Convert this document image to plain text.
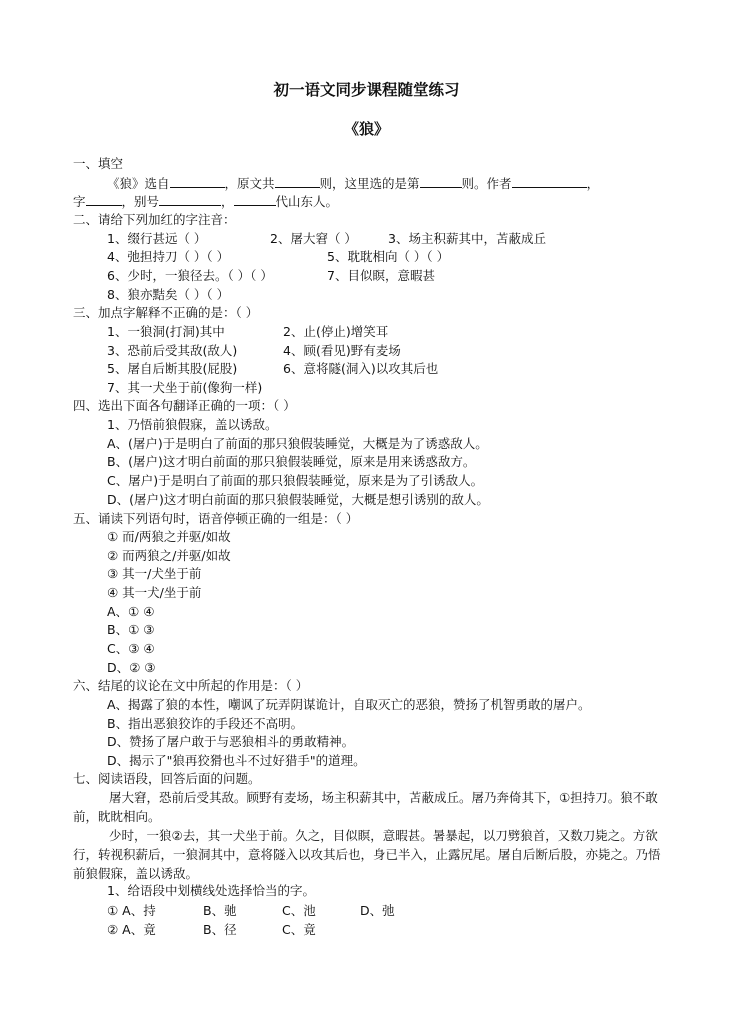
初一语文同步课程随堂练习
《狼》
一、填空
《狼》选自	，原文共	则，这里选的是第	则。作者	，
字	，别号	，	代山东人。
二、请给下列加红的字注音：
1、缀行甚远（ ）	2、屠大窘（ ） 3、场主积薪其中，苫蔽成丘
4、弛担持刀（ ）（ ）	5、耽耽相向（ ）（ ）
6、少时，一狼径去。（ ）（ ）	7、目似瞑，意暇甚
8、狼亦黠矣（ ）（ ）
三、加点字解释不正确的是：（ ）
1、一狼洞(打洞)其中	2、止(停止)增笑耳
3、恐前后受其敌(敌人)	4、顾(看见)野有麦场
5、屠自后断其股(屁股)	6、意将隧(洞入)以攻其后也
7、其一犬坐于前(像狗一样)
四、选出下面各句翻译正确的一项：（ ）
1、乃悟前狼假寐，盖以诱敌。
A、(屠户)于是明白了前面的那只狼假装睡觉，大概是为了诱惑敌人。
B、(屠户)这才明白前面的那只狼假装睡觉，原来是用来诱惑敌方。
C、屠户)于是明白了前面的那只狼假装睡觉，原来是为了引诱敌人。
D、(屠户)这才明白前面的那只狼假装睡觉，大概是想引诱别的敌人。
五、诵读下列语句时，语音停顿正确的一组是：（ ）
① 而/两狼之并驱/如故
② 而两狼之/并驱/如故
③ 其一/犬坐于前
④ 其一犬/坐于前
A、① ④
B、① ③
C、③ ④
D、② ③
六、结尾的议论在文中所起的作用是：（ ）
A、揭露了狼的本性，嘲讽了玩弄阴谋诡计，自取灭亡的恶狼，赞扬了机智勇敢的屠户。
B、指出恶狼狡诈的手段还不高明。
D、赞扬了屠户敢于与恶狼相斗的勇敢精神。
D、揭示了"狼再狡猾也斗不过好猎手"的道理。
七、阅读语段，回答后面的问题。
屠大窘，恐前后受其敌。顾野有麦场，场主积薪其中，苫蔽成丘。屠乃奔倚其下，①担持刀。狼不敢前，眈眈相向。
少时，一狼②去，其一犬坐于前。久之，目似瞑，意暇甚。暑暴起，以刀劈狼首，又数刀毙之。方欲行，转视积薪后，一狼洞其中，意将隧入以攻其后也，身已半入，止露尻尾。屠自后断后股，亦毙之。乃悟前狼假寐，盖以诱敌。
1、给语段中划横线处选择恰当的字。
① A、持	B、驰	C、池	D、弛
② A、竟	B、径	C、竟
